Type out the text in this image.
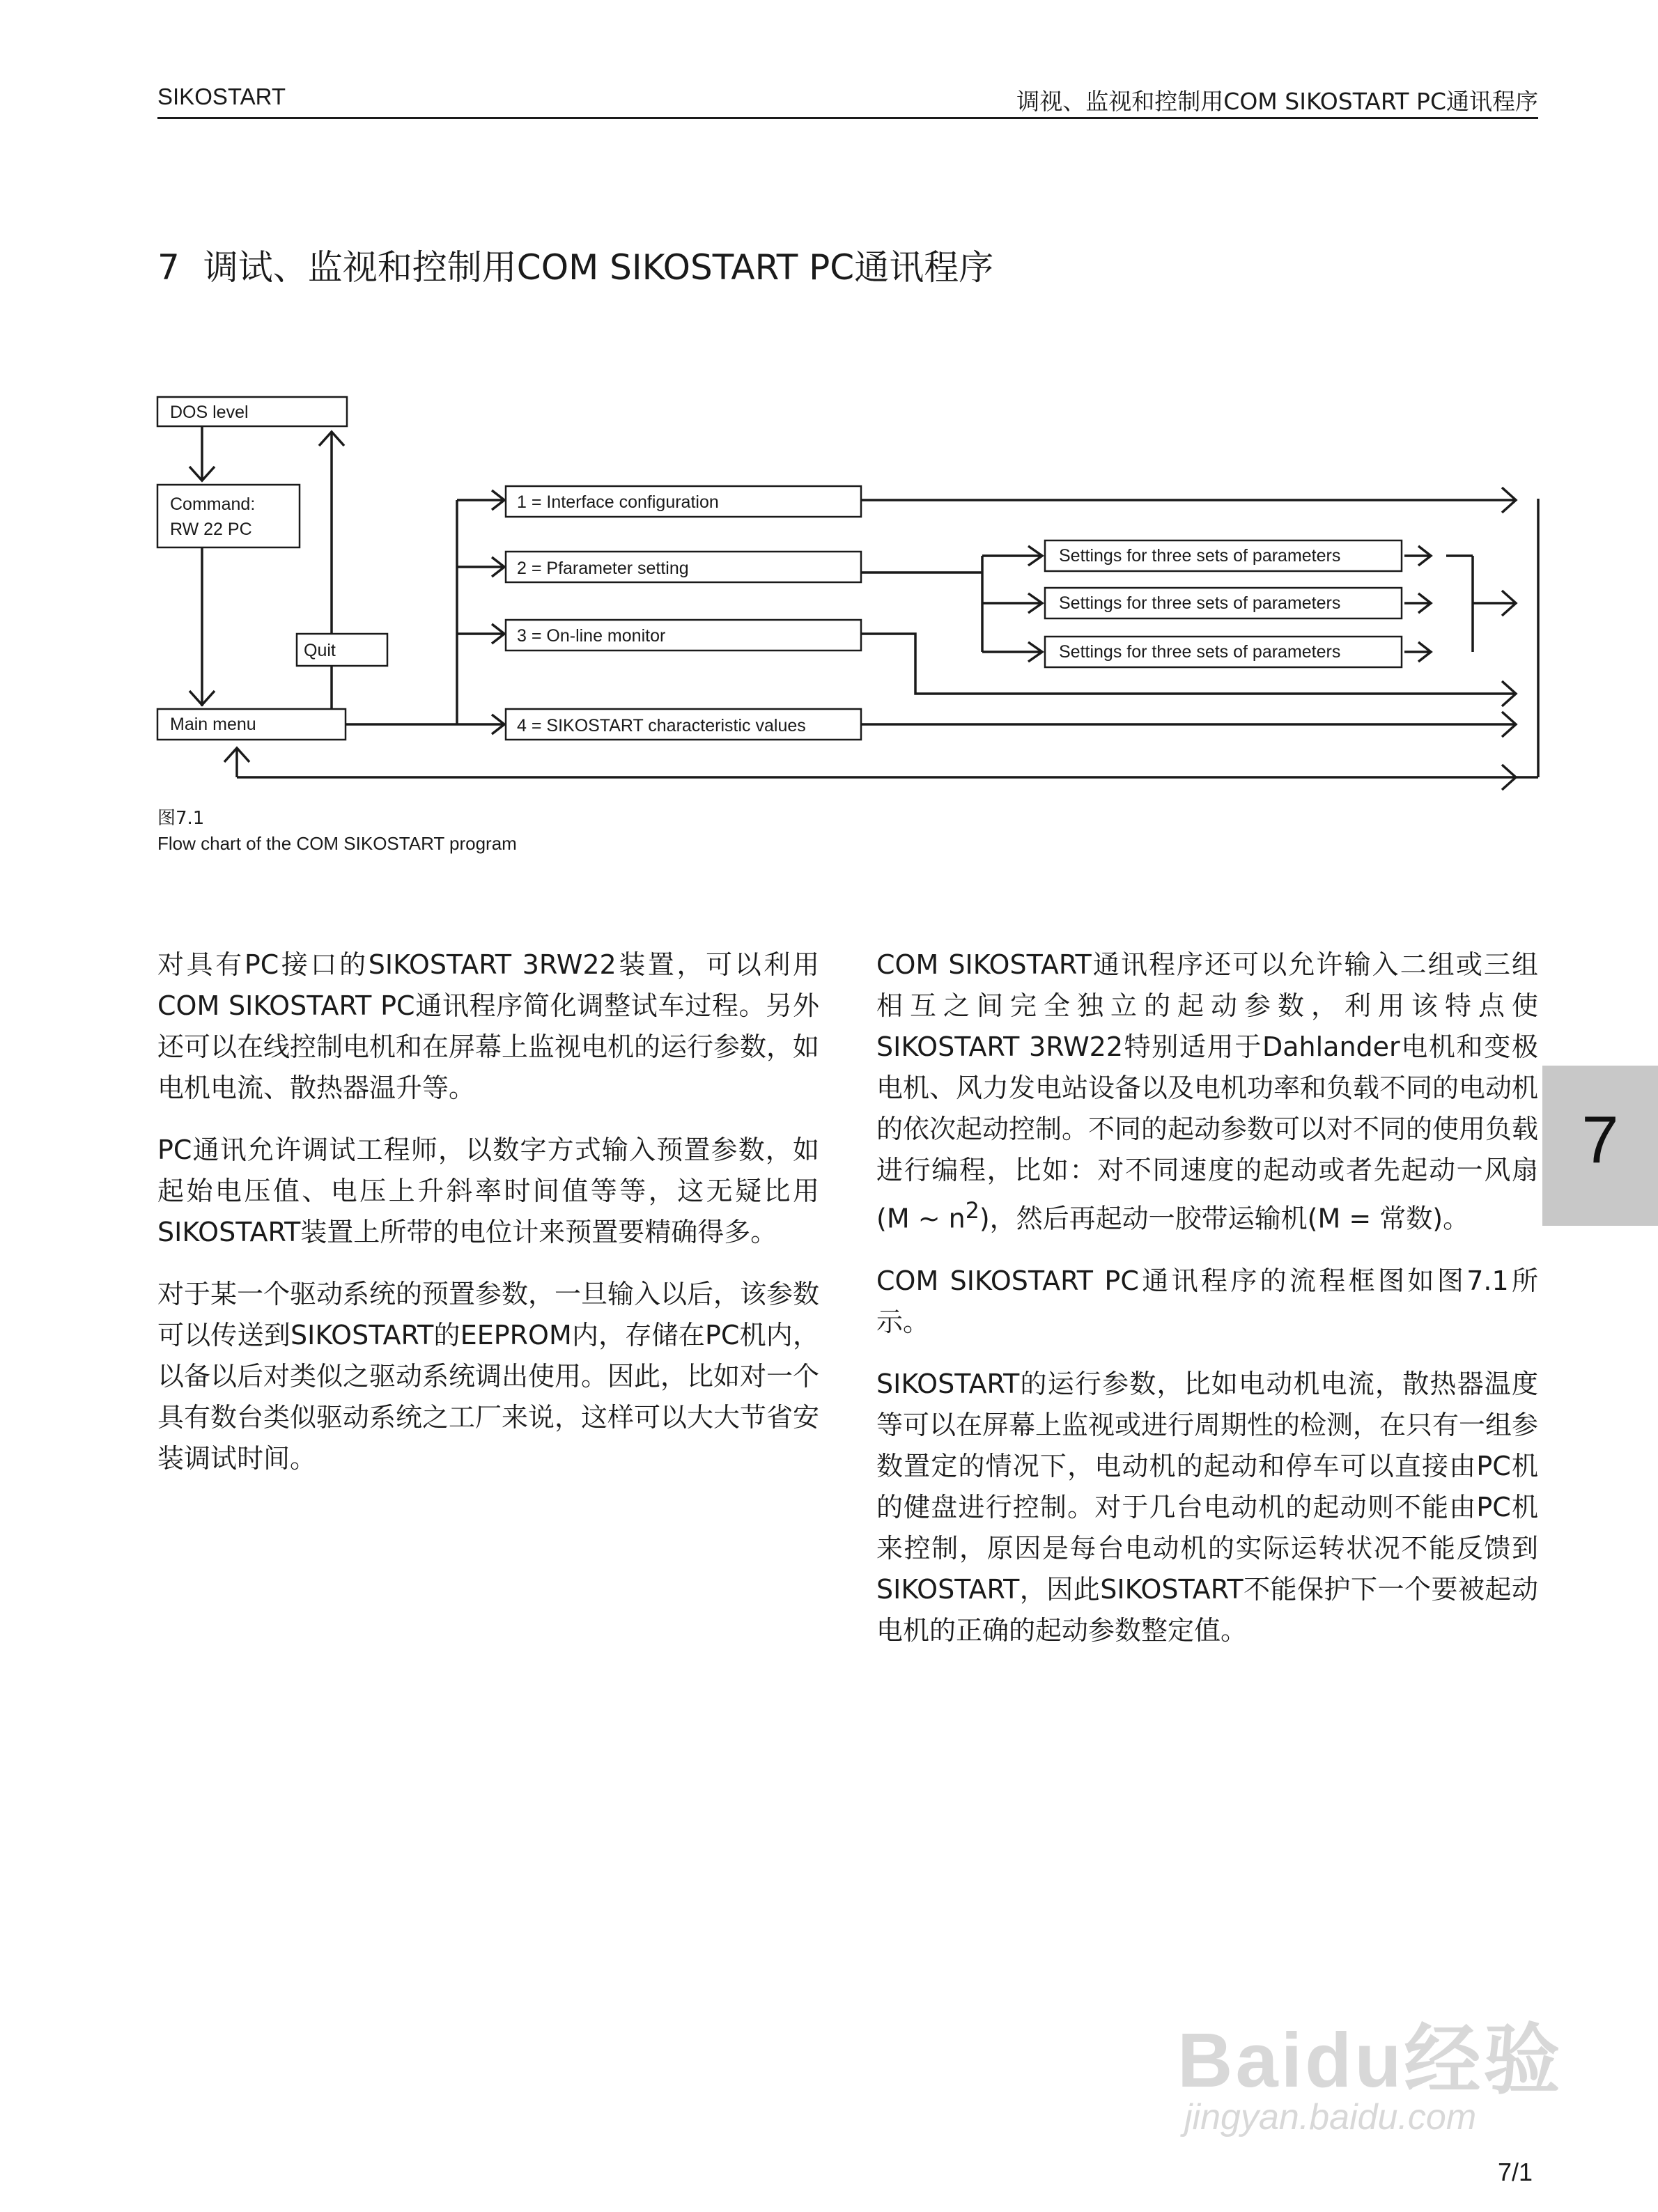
SIKOSTART	调视、监视和控制用COM SIKOSTART PC通讯程序
7 调试、监视和控制用COM SIKOSTART PC通讯程序
DOS level
Command:
RW 22 PC
Quit
Main menu
1 = Interface configuration
2 = Pfarameter setting
3 = On-line monitor
4 = SIKOSTART characteristic values
Settings for three sets of parameters
Settings for three sets of parameters
Settings for three sets of parameters
图7.1
Flow chart of the COM SIKOSTART program

对具有PC接口的SIKOSTART 3RW22装置，可以利用COM SIKOSTART PC通讯程序简化调整试车过程。另外还可以在线控制电机和在屏幕上监视电机的运行参数，如电机电流、散热器温升等。

PC通讯允许调试工程师，以数字方式输入预置参数，如起始电压值、电压上升斜率时间值等等，这无疑比用SIKOSTART装置上所带的电位计来预置要精确得多。

对于某一个驱动系统的预置参数，一旦输入以后，该参数可以传送到SIKOSTART的EEPROM内，存储在PC机内，以备以后对类似之驱动系统调出使用。因此，比如对一个具有数台类似驱动系统之工厂来说，这样可以大大节省安装调试时间。

COM SIKOSTART通讯程序还可以允许输入二组或三组相互之间完全独立的起动参数，利用该特点使SIKOSTART 3RW22特别适用于Dahlander电机和变极电机、风力发电站设备以及电机功率和负载不同的电动机的依次起动控制。不同的起动参数可以对不同的使用负载进行编程，比如：对不同速度的起动或者先起动一风扇(M ~ $n^2$)，然后再起动一胶带运输机(M = 常数)。

COM SIKOSTART PC通讯程序的流程框图如图7.1所示。

SIKOSTART的运行参数，比如电动机电流，散热器温度等可以在屏幕上监视或进行周期性的检测，在只有一组参数置定的情况下，电动机的起动和停车可以直接由PC机的健盘进行控制。对于几台电动机的起动则不能由PC机来控制，原因是每台电动机的实际运转状况不能反馈到SIKOSTART，因此SIKOSTART不能保护下一个要被起动电机的正确的起动参数整定值。

7
Baidu经验
jingyan.baidu.com
7/1
